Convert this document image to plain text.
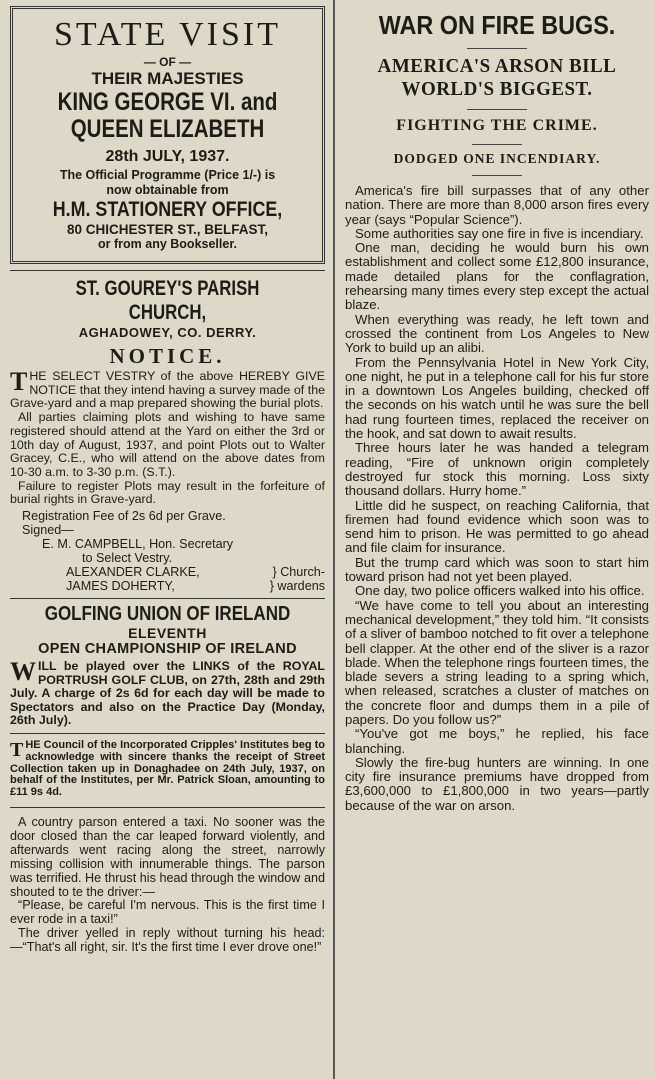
STATE VISIT
— OF —
THEIR MAJESTIES
KING GEORGE VI. and
QUEEN ELIZABETH
28th JULY, 1937.
The Official Programme (Price 1/-) is
now obtainable from
H.M. STATIONERY OFFICE,
80 CHICHESTER ST., BELFAST,
or from any Bookseller.
ST. GOUREY'S PARISH CHURCH,
AGHADOWEY, CO. DERRY.
NOTICE.

THE SELECT VESTRY of the above HEREBY GIVE NOTICE that they intend having a survey made of the Grave-yard and a map prepared showing the burial plots.

All parties claiming plots and wishing to have same registered should attend at the Yard on either the 3rd or 10th day of August, 1937, and point Plots out to Walter Gracey, C.E., who will attend on the above dates from 10-30 a.m. to 3-30 p.m. (S.T.).

Failure to register Plots may result in the forfeiture of burial rights in Grave-yard.

Registration Fee of 2s 6d per Grave.
Signed—
E. M. CAMPBELL, Hon. Secretary
to Select Vestry.
ALEXANDER CLARKE,	} Church-
JAMES DOHERTY,	} wardens
GOLFING UNION OF IRELAND
ELEVENTH
OPEN CHAMPIONSHIP OF IRELAND
WILL be played over the LINKS of the ROYAL PORTRUSH GOLF CLUB, on 27th, 28th and 29th July. A charge of 2s 6d for each day will be made to Spectators and also on the Practice Day (Monday, 26th July).
THE Council of the Incorporated Cripples' Institutes beg to acknowledge with sincere thanks the receipt of Street Collection taken up in Donaghadee on 24th July, 1937, on behalf of the Institutes, per Mr. Patrick Sloan, amounting to £11 9s 4d.

A country parson entered a taxi. No sooner was the door closed than the car leaped forward violently, and afterwards went racing along the street, narrowly missing collision with innumerable things. The parson was terrified. He thrust his head through the window and shouted to te the driver:—

“Please, be careful I'm nervous. This is the first time I ever rode in a taxi!”

The driver yelled in reply without turning his head:—“That's all right, sir. It's the first time I ever drove one!”

WAR ON FIRE BUGS.
AMERICA'S ARSON BILL WORLD'S BIGGEST.
FIGHTING THE CRIME.
DODGED ONE INCENDIARY.

America's fire bill surpasses that of any other nation. There are more than 8,000 arson fires every year (says “Popular Science”).

Some authorities say one fire in five is incendiary.

One man, deciding he would burn his own establishment and collect some £12,800 insurance, made detailed plans for the conflagration, rehearsing many times every step except the actual blaze.

When everything was ready, he left town and crossed the continent from Los Angeles to New York to build up an alibi.

From the Pennsylvania Hotel in New York City, one night, he put in a telephone call for his fur store in a downtown Los Angeles building, checked off the seconds on his watch until he was sure the bell had rung fourteen times, replaced the receiver on the hook, and sat down to await results.

Three hours later he was handed a telegram reading, “Fire of unknown origin completely destroyed fur stock this morning. Loss sixty thousand dollars. Hurry home.”

Little did he suspect, on reaching California, that firemen had found evidence which soon was to send him to prison. He was permitted to go ahead and file claim for insurance.

But the trump card which was soon to start him toward prison had not yet been played.

One day, two police officers walked into his office.

“We have come to tell you about an interesting mechanical development,” they told him. “It consists of a sliver of bamboo notched to fit over a telephone bell clapper. At the other end of the sliver is a razor blade. When the telephone rings fourteen times, the blade severs a string leading to a spring which, when released, scratches a cluster of matches on the concrete floor and dumps them in a pile of papers. Do you follow us?”

“You've got me boys,” he replied, his face blanching.

Slowly the fire-bug hunters are winning. In one city fire insurance premiums have dropped from £3,600,000 to £1,800,000 in two years—partly because of the war on arson.
